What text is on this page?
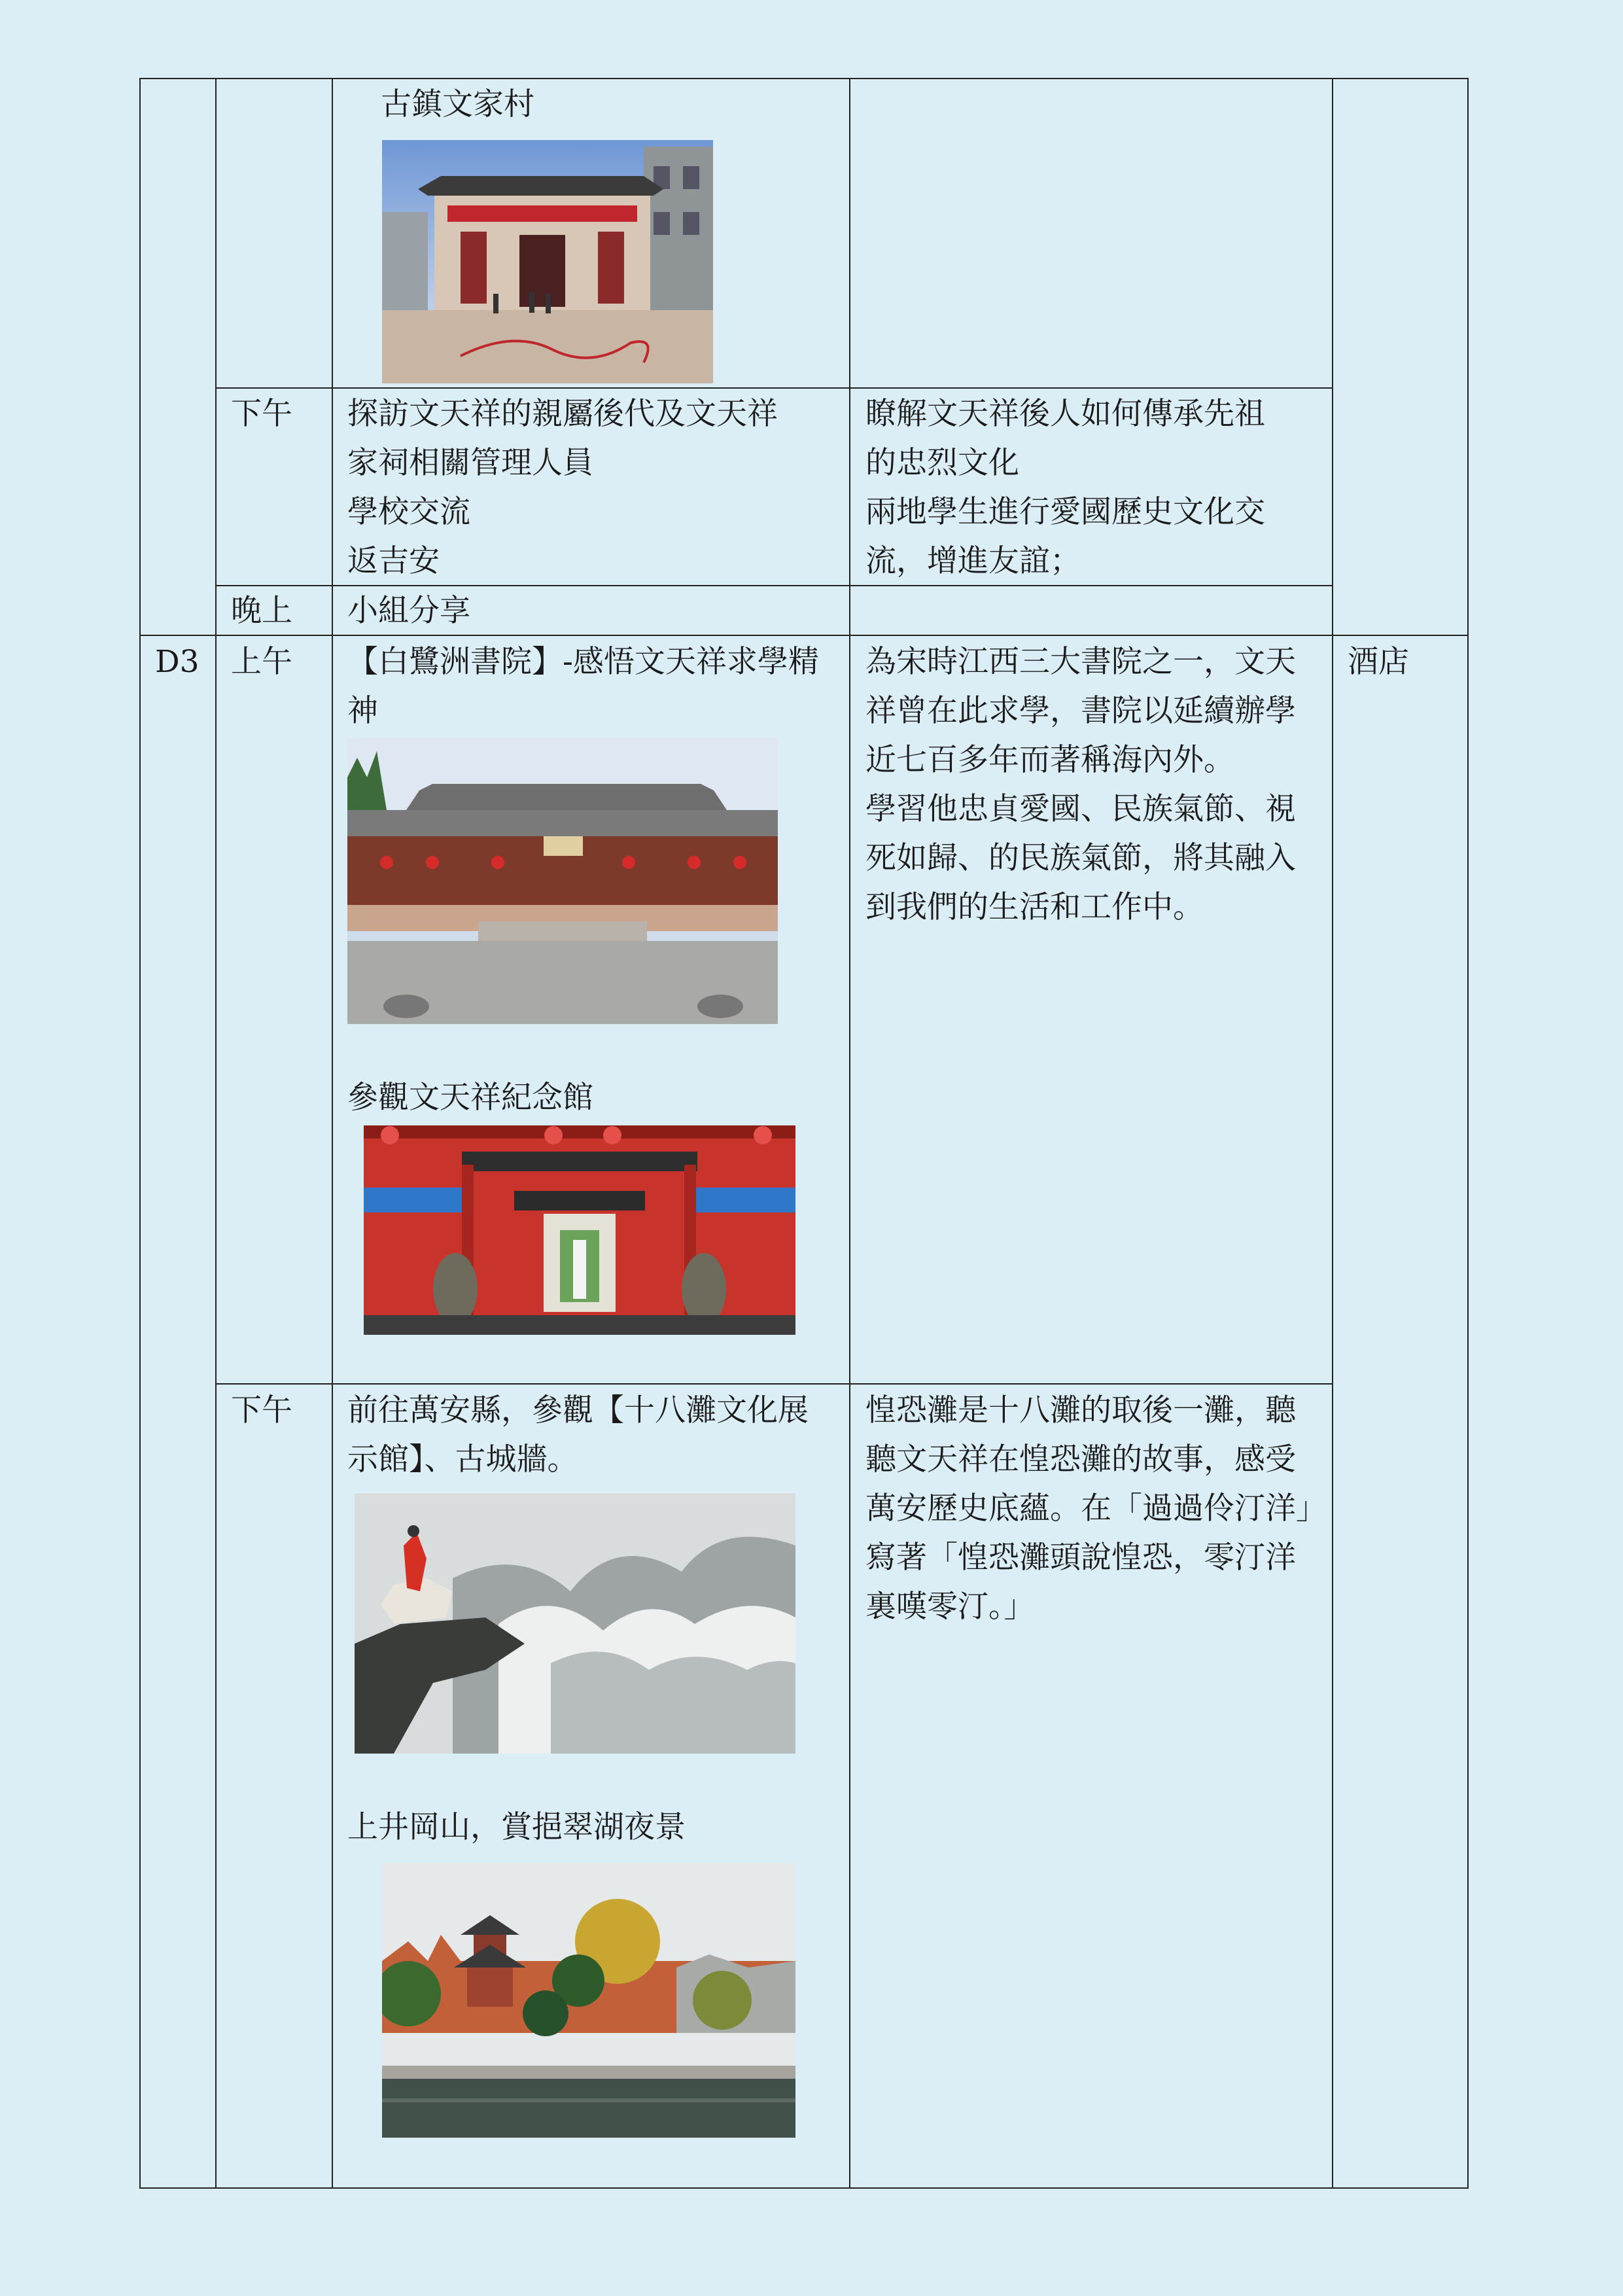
古鎮文家村
下午 探訪文天祥的親屬後代及文天祥
家祠相關管理人員
學校交流
返吉安
瞭解文天祥後人如何傳承先祖
的忠烈文化
兩地學生進行愛國歷史文化交
流，增進友誼；
晚上 小組分享
D3 上午 【白鷺洲書院】-感悟文天祥求學精
神
參觀文天祥紀念館
為宋時江西三大書院之一，文天
祥曾在此求學，書院以延續辦學
近七百多年而著稱海內外。
學習他忠貞愛國、民族氣節、視
死如歸、的民族氣節，將其融入
到我們的生活和工作中。
酒店
下午 前往萬安縣，參觀【十八灘文化展
示館】、古城牆。
上井岡山，賞挹翠湖夜景
惶恐灘是十八灘的取後一灘，聽
聽文天祥在惶恐灘的故事，感受
萬安歷史底蘊。在「過過伶汀洋」
寫著「惶恐灘頭說惶恐，零汀洋
裏嘆零汀。」
